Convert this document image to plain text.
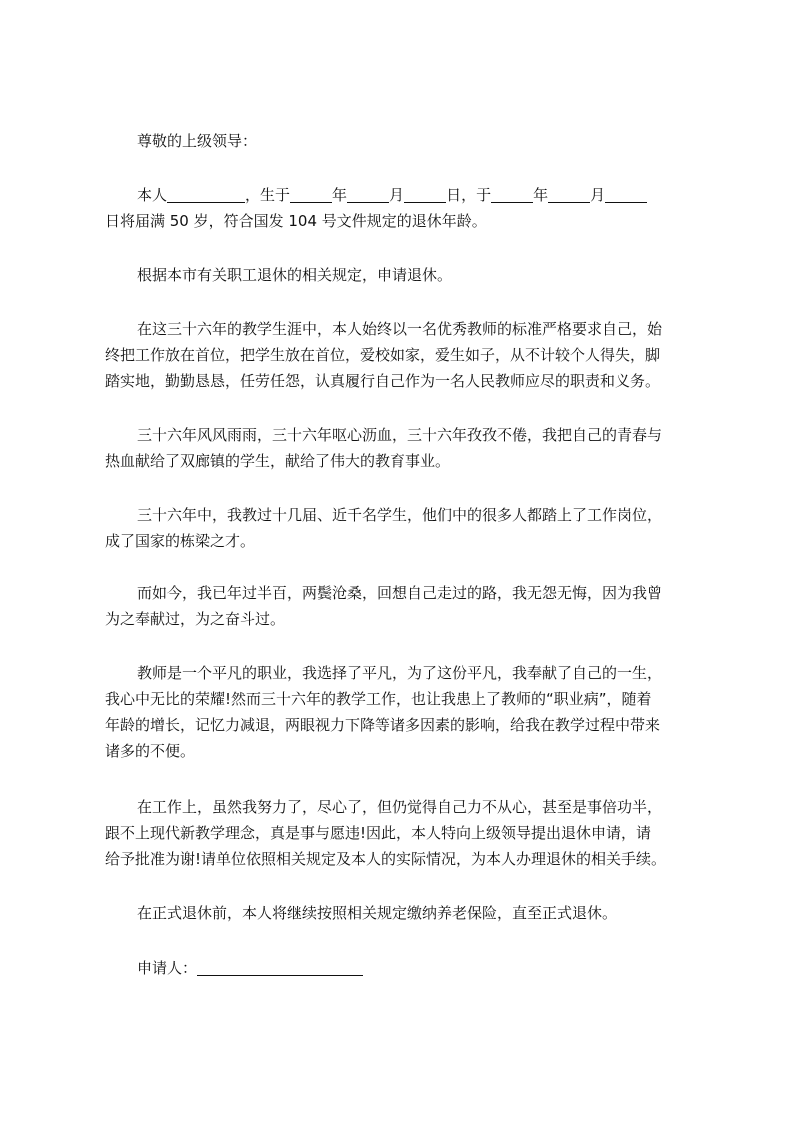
尊敬的上级领导：

本人	，生于	年	月	日，于	年	月
日将届满 50 岁，符合国发 104 号文件规定的退休年龄。

根据本市有关职工退休的相关规定，申请退休。

在这三十六年的教学生涯中，本人始终以一名优秀教师的标准严格要求自己，始
终把工作放在首位，把学生放在首位，爱校如家，爱生如子，从不计较个人得失，脚
踏实地，勤勤恳恳，任劳任怨，认真履行自己作为一名人民教师应尽的职责和义务。

三十六年风风雨雨，三十六年呕心沥血，三十六年孜孜不倦，我把自己的青春与
热血献给了双廊镇的学生，献给了伟大的教育事业。

三十六年中，我教过十几届、近千名学生，他们中的很多人都踏上了工作岗位，
成了国家的栋梁之才。

而如今，我已年过半百，两鬓沧桑，回想自己走过的路，我无怨无悔，因为我曾
为之奉献过，为之奋斗过。

教师是一个平凡的职业，我选择了平凡，为了这份平凡，我奉献了自己的一生，
我心中无比的荣耀!然而三十六年的教学工作，也让我患上了教师的“职业病”，随着
年龄的增长，记忆力减退，两眼视力下降等诸多因素的影响，给我在教学过程中带来
诸多的不便。

在工作上，虽然我努力了，尽心了，但仍觉得自己力不从心，甚至是事倍功半，
跟不上现代新教学理念，真是事与愿违!因此，本人特向上级领导提出退休申请，请
给予批准为谢!请单位依照相关规定及本人的实际情况，为本人办理退休的相关手续。

在正式退休前，本人将继续按照相关规定缴纳养老保险，直至正式退休。

申请人：
